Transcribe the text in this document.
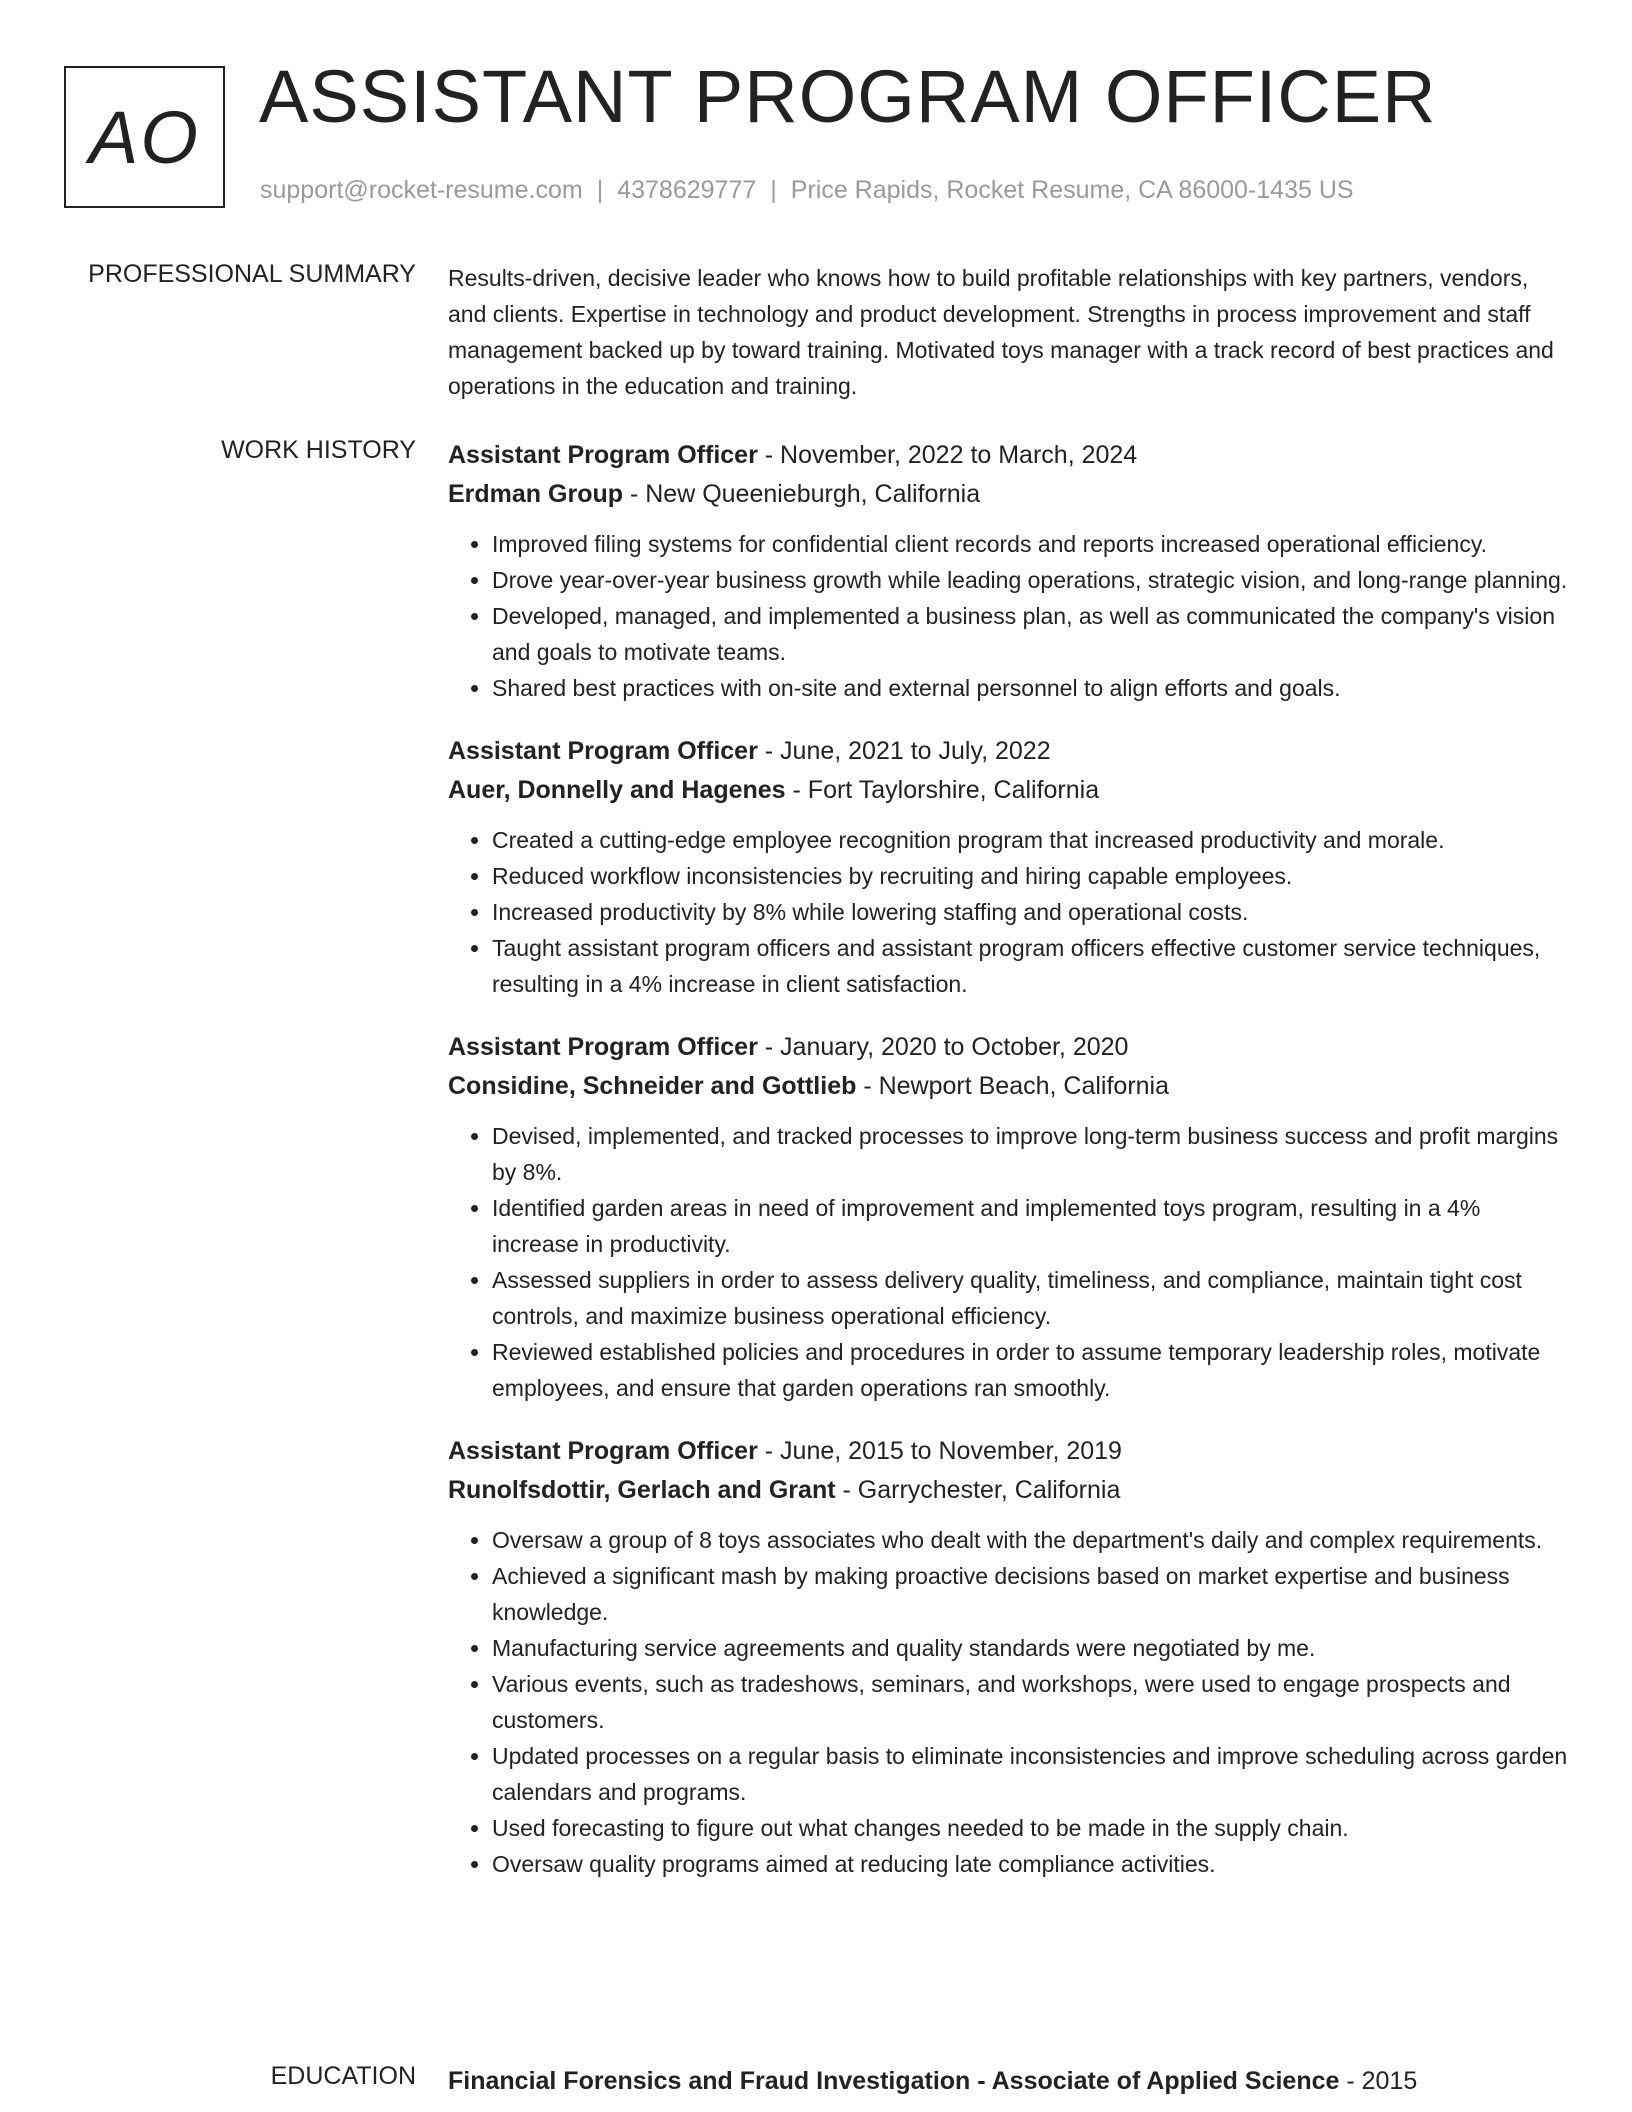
AO ASSISTANT PROGRAM OFFICER
support@rocket-resume.com | 4378629777 | Price Rapids, Rocket Resume, CA 86000-1435 US
PROFESSIONAL SUMMARY Results-driven, decisive leader who knows how to build profitable relationships with key partners, vendors, and clients. Expertise in technology and product development. Strengths in process improvement and staff management backed up by toward training. Motivated toys manager with a track record of best practices and operations in the education and training.

WORK HISTORY Assistant Program Officer - November, 2022 to March, 2024
Erdman Group - New Queenieburgh, California
• Improved filing systems for confidential client records and reports increased operational efficiency.
• Drove year-over-year business growth while leading operations, strategic vision, and long-range planning.
• Developed, managed, and implemented a business plan, as well as communicated the company's vision and goals to motivate teams.
• Shared best practices with on-site and external personnel to align efforts and goals.
Assistant Program Officer - June, 2021 to July, 2022
Auer, Donnelly and Hagenes - Fort Taylorshire, California
• Created a cutting-edge employee recognition program that increased productivity and morale.
• Reduced workflow inconsistencies by recruiting and hiring capable employees.
• Increased productivity by 8% while lowering staffing and operational costs.
• Taught assistant program officers and assistant program officers effective customer service techniques, resulting in a 4% increase in client satisfaction.
Assistant Program Officer - January, 2020 to October, 2020
Considine, Schneider and Gottlieb - Newport Beach, California
• Devised, implemented, and tracked processes to improve long-term business success and profit margins by 8%.
• Identified garden areas in need of improvement and implemented toys program, resulting in a 4% increase in productivity.
• Assessed suppliers in order to assess delivery quality, timeliness, and compliance, maintain tight cost controls, and maximize business operational efficiency.
• Reviewed established policies and procedures in order to assume temporary leadership roles, motivate employees, and ensure that garden operations ran smoothly.
Assistant Program Officer - June, 2015 to November, 2019
Runolfsdottir, Gerlach and Grant - Garrychester, California
• Oversaw a group of 8 toys associates who dealt with the department's daily and complex requirements.
• Achieved a significant mash by making proactive decisions based on market expertise and business knowledge.
• Manufacturing service agreements and quality standards were negotiated by me.
• Various events, such as tradeshows, seminars, and workshops, were used to engage prospects and customers.
• Updated processes on a regular basis to eliminate inconsistencies and improve scheduling across garden calendars and programs.
• Used forecasting to figure out what changes needed to be made in the supply chain.
• Oversaw quality programs aimed at reducing late compliance activities.
EDUCATION Financial Forensics and Fraud Investigation - Associate of Applied Science - 2015
